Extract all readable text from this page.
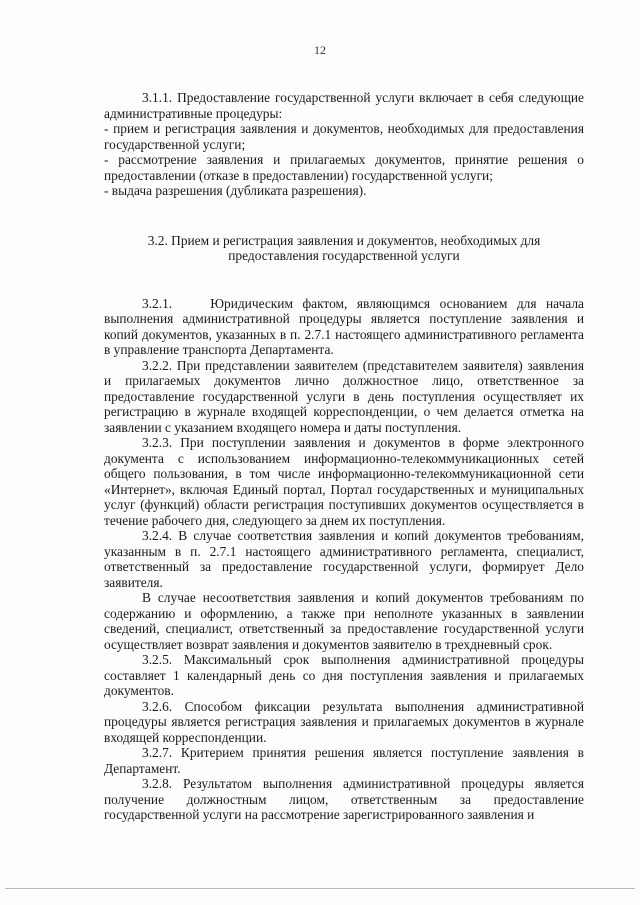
12

3.1.1. Предоставление государственной услуги включает в себя следующие административные процедуры:

- прием и регистрация заявления и документов, необходимых для предоставления государственной услуги;

- рассмотрение заявления и прилагаемых документов, принятие решения о предоставлении (отказе в предоставлении) государственной услуги;

- выдача разрешения (дубликата разрешения).

3.2. Прием и регистрация заявления и документов, необходимых для предоставления государственной услуги

3.2.1.    Юридическим фактом, являющимся основанием для начала выполнения административной процедуры является поступление заявления и копий документов, указанных в п. 2.7.1 настоящего административного регламента в управление транспорта Департамента.

3.2.2. При представлении заявителем (представителем заявителя) заявления и прилагаемых документов лично должностное лицо, ответственное за предоставление государственной услуги в день поступления осуществляет их регистрацию в журнале входящей корреспонденции, о чем делается отметка на заявлении с указанием входящего номера и даты поступления.

3.2.3. При поступлении заявления и документов в форме электронного документа с использованием информационно-телекоммуникационных сетей общего пользования, в том числе информационно-телекоммуникационной сети «Интернет», включая Единый портал, Портал государственных и муниципальных услуг (функций) области регистрация поступивших документов осуществляется в течение рабочего дня, следующего за днем их поступления.

3.2.4. В случае соответствия заявления и копий документов требованиям, указанным в п. 2.7.1 настоящего административного регламента, специалист, ответственный за предоставление государственной услуги, формирует Дело заявителя.

В случае несоответствия заявления и копий документов требованиям по содержанию и оформлению, а также при неполноте указанных в заявлении сведений, специалист, ответственный за предоставление государственной услуги осуществляет возврат заявления и документов заявителю в трехдневный срок.

3.2.5. Максимальный срок выполнения административной процедуры составляет 1 календарный день со дня поступления заявления и прилагаемых документов.

3.2.6. Способом фиксации результата выполнения административной процедуры является регистрация заявления и прилагаемых документов в журнале входящей корреспонденции.

3.2.7. Критерием принятия решения является поступление заявления в Департамент.

3.2.8. Результатом выполнения административной процедуры является получение    должностным    лицом,    ответственным    за    предоставление государственной услуги на рассмотрение зарегистрированного заявления и
